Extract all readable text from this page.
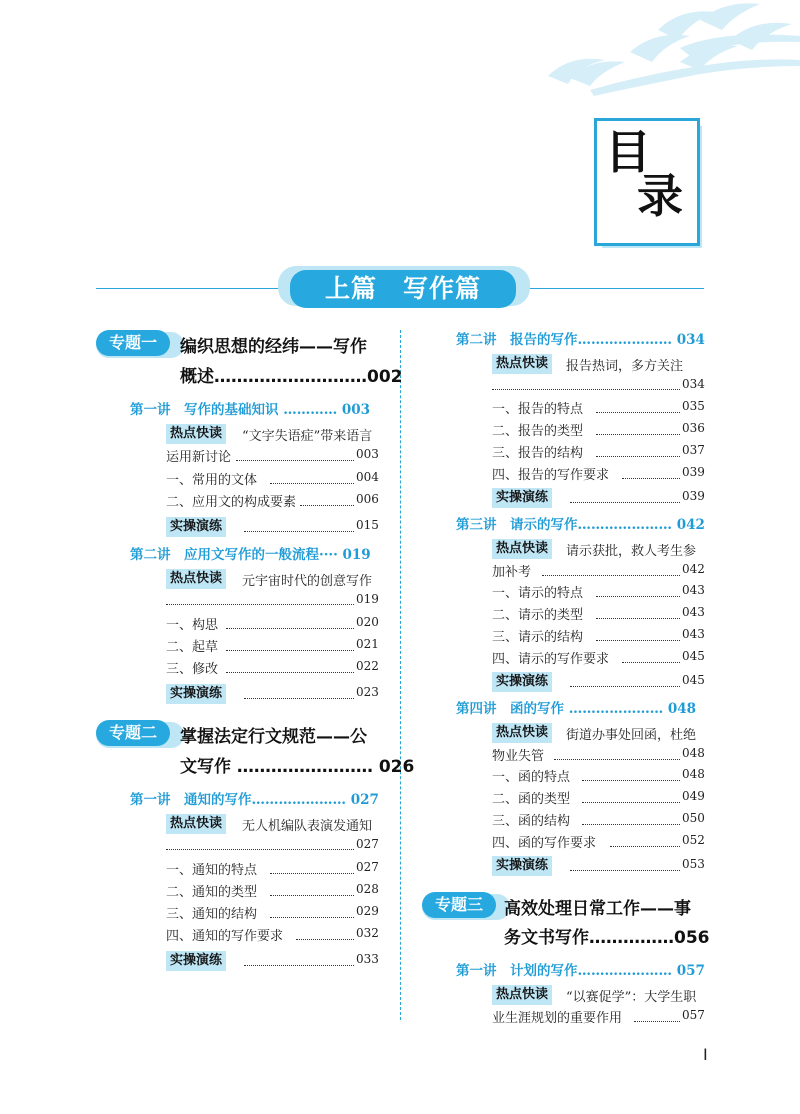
目
录
上篇　写作篇
专题一	编织思想的经纬——写作
概述………………………002
第一讲　写作的基础知识 ………… 003
热点快读	“文字失语症”带来语言
运用新讨论	003
一、常用的文体	004
二、应用文的构成要素	006
实操演练	015
第二讲　应用文写作的一般流程···· 019
热点快读	元宇宙时代的创意写作
019
一、构思	020
二、起草	021
三、修改	022
实操演练	023
专题二	掌握法定行文规范——公
文写作 …………………… 026
第一讲　通知的写作………………… 027
热点快读	无人机编队表演发通知
027
一、通知的特点	027
二、通知的类型	028
三、通知的结构	029
四、通知的写作要求	032
实操演练	033
第二讲　报告的写作………………… 034
热点快读	报告热词，多方关注
034
一、报告的特点	035
二、报告的类型	036
三、报告的结构	037
四、报告的写作要求	039
实操演练	039
第三讲　请示的写作………………… 042
热点快读	请示获批，救人考生参
加补考	042
一、请示的特点	043
二、请示的类型	043
三、请示的结构	043
四、请示的写作要求	045
实操演练	045
第四讲　函的写作 ………………… 048
热点快读	街道办事处回函，杜绝
物业失管	048
一、函的特点	048
二、函的类型	049
三、函的结构	050
四、函的写作要求	052
实操演练	053
专题三	高效处理日常工作——事
务文书写作……………056
第一讲　计划的写作………………… 057
热点快读	“以赛促学”：大学生职
业生涯规划的重要作用	057
I
